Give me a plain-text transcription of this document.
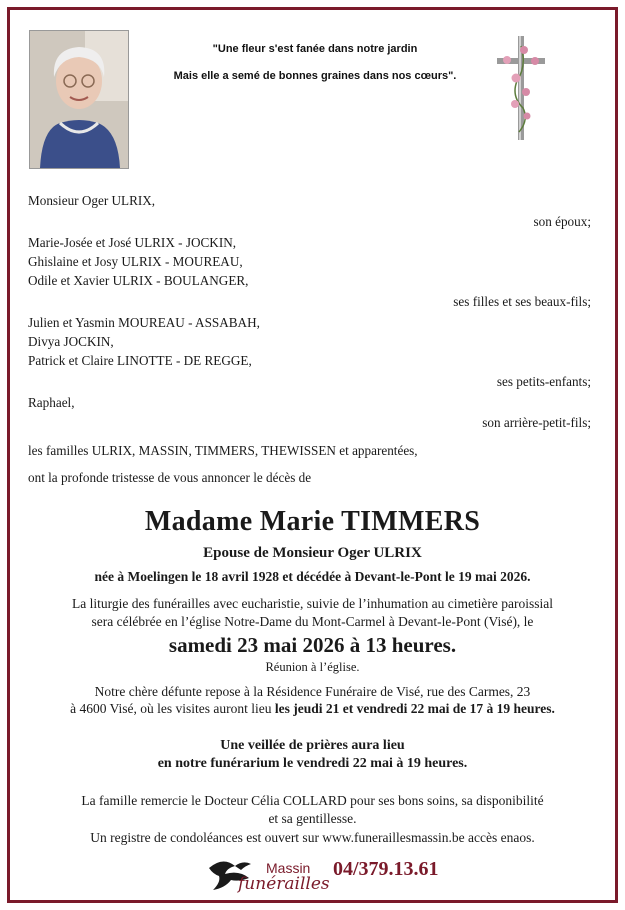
"Une fleur s'est fanée dans notre jardin
Mais elle a semé de bonnes graines dans nos cœurs".
Monsieur Oger ULRIX,
son époux;
Marie-Josée et José ULRIX - JOCKIN,
Ghislaine et Josy ULRIX - MOUREAU,
Odile et Xavier ULRIX - BOULANGER,
ses filles et ses beaux-fils;
Julien et Yasmin MOUREAU - ASSABAH,
Divya JOCKIN,
Patrick et Claire LINOTTE - DE REGGE,
ses petits-enfants;
Raphael,
son arrière-petit-fils;
les familles ULRIX, MASSIN, TIMMERS, THEWISSEN et apparentées,
ont la profonde tristesse de vous annoncer le décès de
Madame Marie TIMMERS
Epouse de Monsieur Oger ULRIX
née à Moelingen le 18 avril 1928 et décédée à Devant-le-Pont le 19 mai 2026.
La liturgie des funérailles avec eucharistie, suivie de l’inhumation au cimetière paroissial
sera célébrée en l’église Notre-Dame du Mont-Carmel à Devant-le-Pont (Visé), le
samedi 23 mai 2026 à 13 heures.
Réunion à l’église.
Notre chère défunte repose à la Résidence Funéraire de Visé, rue des Carmes, 23
à 4600 Visé, où les visites auront lieu les jeudi 21 et vendredi 22 mai de 17 à 19 heures.
Une veillée de prières aura lieu
en notre funérarium le vendredi 22 mai à 19 heures.
La famille remercie le Docteur Célia COLLARD pour ses bons soins, sa disponibilité
et sa gentillesse.
Un registre de condoléances est ouvert sur www.funeraillesmassin.be accès enaos.
Massin
funérailles
04/379.13.61
